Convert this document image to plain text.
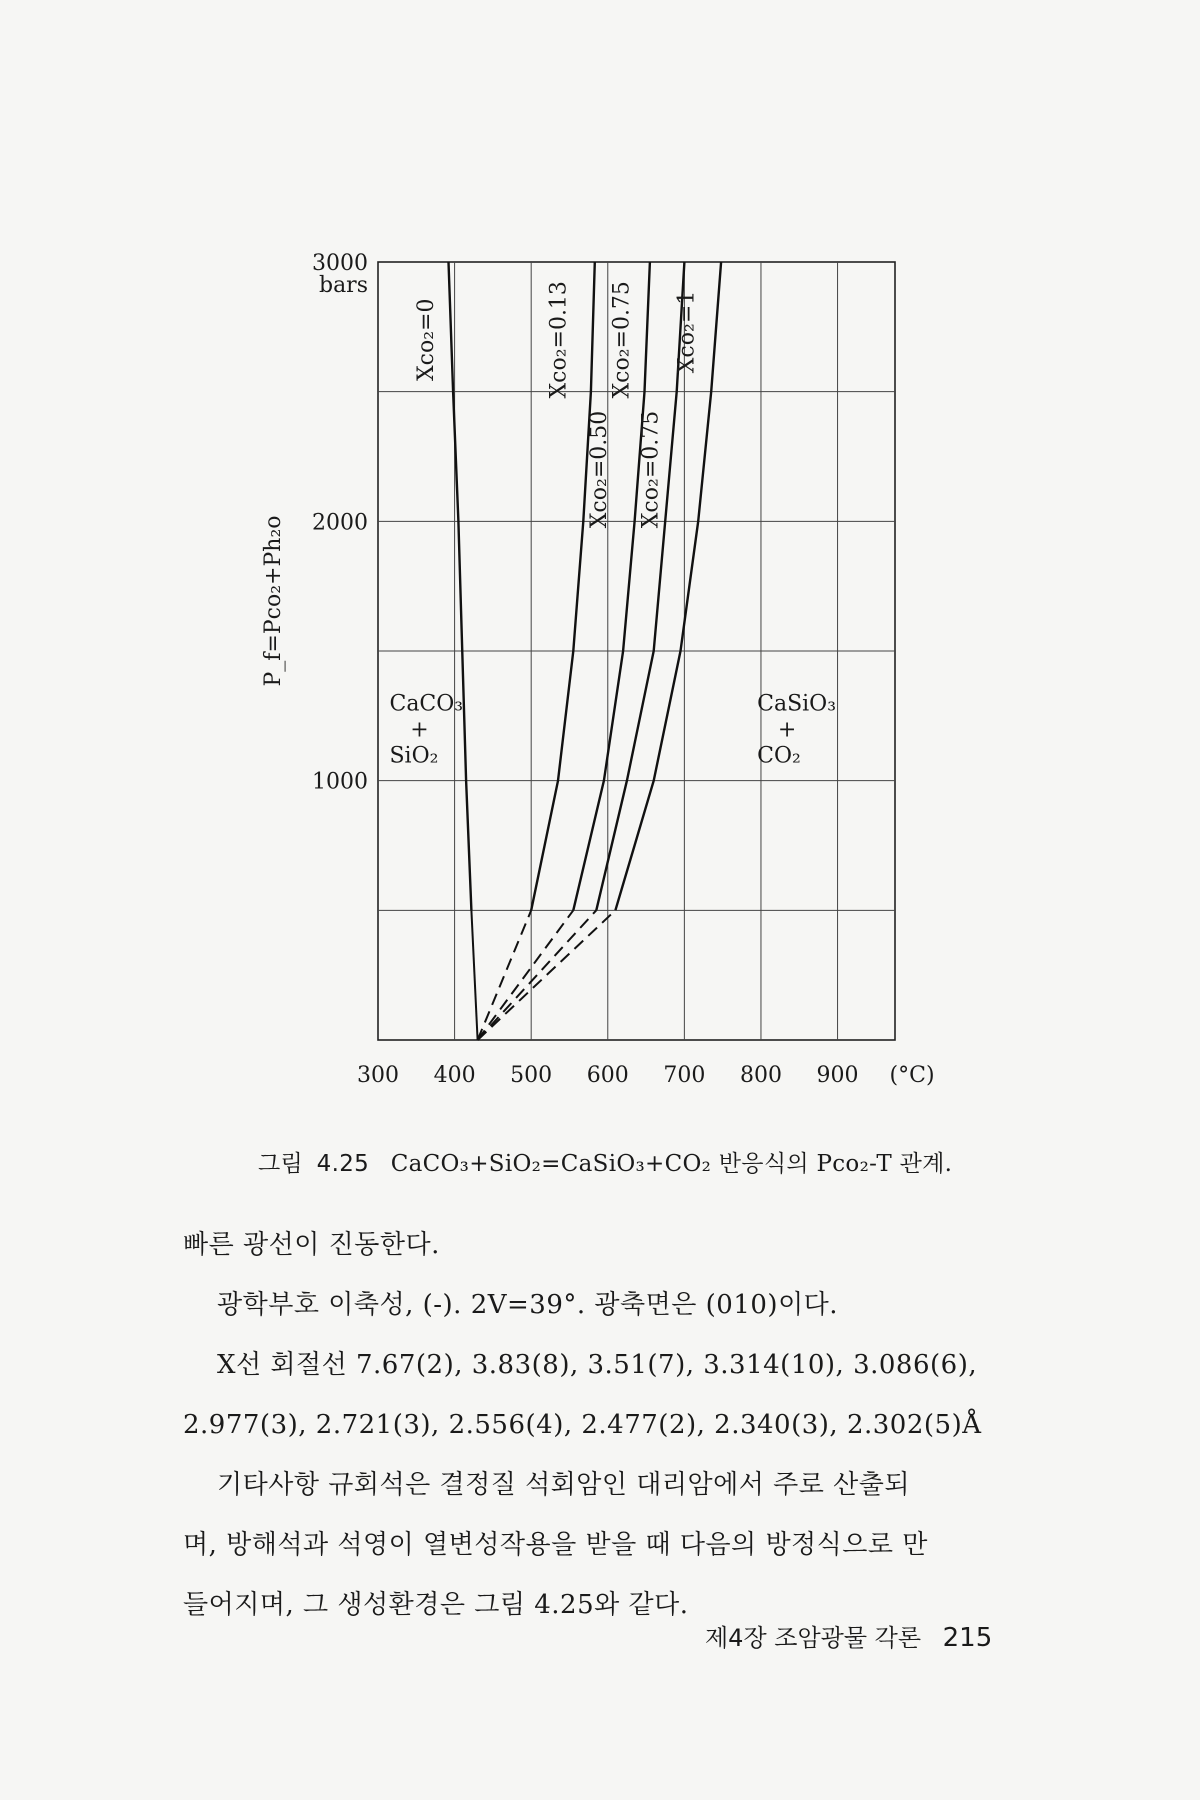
300 400 500 600 700 800 900 (°C)
1000
2000
3000
bars
P_f=Pco₂+Ph₂o
CaCO₃
+
SiO₂
CaSiO₃
+
CO₂
Xco₂=0	Xco₂=0.13 Xco₂=0.75 Xco₂=1
Xco₂=0.50 Xco₂=0.75
그림 4.25 CaCO₃+SiO₂=CaSiO₃+CO₂ 반응식의 Pco₂-T 관계.
빠른 광선이 진동한다.
광학부호 이축성, (-). 2V=39°. 광축면은 (010)이다.
X선 회절선 7.67(2), 3.83(8), 3.51(7), 3.314(10), 3.086(6),
2.977(3), 2.721(3), 2.556(4), 2.477(2), 2.340(3), 2.302(5)Å
기타사항 규회석은 결정질 석회암인 대리암에서 주로 산출되
며, 방해석과 석영이 열변성작용을 받을 때 다음의 방정식으로 만
들어지며, 그 생성환경은 그림 4.25와 같다.
제4장 조암광물 각론 215
